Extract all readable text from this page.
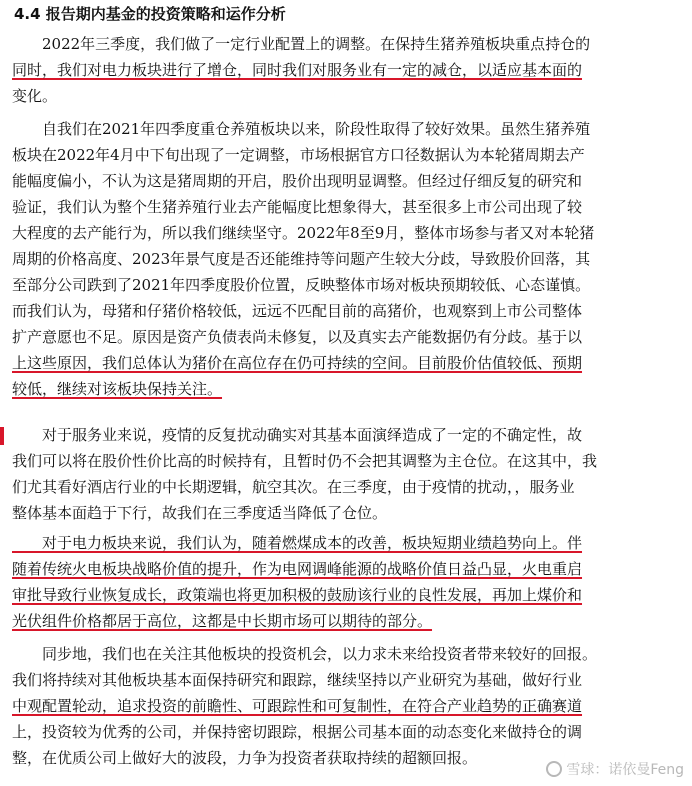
4.4 报告期内基金的投资策略和运作分析
　　2022年三季度，我们做了一定行业配置上的调整。在保持生猪养殖板块重点持仓的
同时，我们对电力板块进行了增仓，同时我们对服务业有一定的减仓，以适应基本面的
变化。
　　自我们在2021年四季度重仓养殖板块以来，阶段性取得了较好效果。虽然生猪养殖
板块在2022年4月中下旬出现了一定调整，市场根据官方口径数据认为本轮猪周期去产
能幅度偏小，不认为这是猪周期的开启，股价出现明显调整。但经过仔细反复的研究和
验证，我们认为整个生猪养殖行业去产能幅度比想象得大，甚至很多上市公司出现了较
大程度的去产能行为，所以我们继续坚守。2022年8至9月，整体市场参与者又对本轮猪
周期的价格高度、2023年景气度是否还能维持等问题产生较大分歧，导致股价回落，其
至部分公司跌到了2021年四季度股价位置，反映整体市场对板块预期较低、心态谨慎。
而我们认为，母猪和仔猪价格较低，远远不匹配目前的高猪价，也观察到上市公司整体
扩产意愿也不足。原因是资产负债表尚未修复，以及真实去产能数据仍有分歧。基于以
上这些原因，我们总体认为猪价在高位存在仍可持续的空间。目前股价估值较低、预期
较低，继续对该板块保持关注。
　　对于服务业来说，疫情的反复扰动确实对其基本面演绎造成了一定的不确定性，故
我们可以将在股价性价比高的时候持有，且暂时仍不会把其调整为主仓位。在这其中，我
们尤其看好酒店行业的中长期逻辑，航空其次。在三季度，由于疫情的扰动，，服务业
整体基本面趋于下行，故我们在三季度适当降低了仓位。
　　对于电力板块来说，我们认为，随着燃煤成本的改善，板块短期业绩趋势向上。伴
随着传统火电板块战略价值的提升，作为电网调峰能源的战略价值日益凸显，火电重启
审批导致行业恢复成长，政策端也将更加积极的鼓励该行业的良性发展，再加上煤价和
光伏组件价格都居于高位，这都是中长期市场可以期待的部分。
　　同步地，我们也在关注其他板块的投资机会，以力求未来给投资者带来较好的回报。
我们将持续对其他板块基本面保持研究和跟踪，继续坚持以产业研究为基础，做好行业
中观配置轮动，追求投资的前瞻性、可跟踪性和可复制性，在符合产业趋势的正确赛道
上，投资较为优秀的公司，并保持密切跟踪，根据公司基本面的动态变化来做持仓的调
整，在优质公司上做好大的波段，力争为投资者获取持续的超额回报。
雪球：诺依曼Feng
